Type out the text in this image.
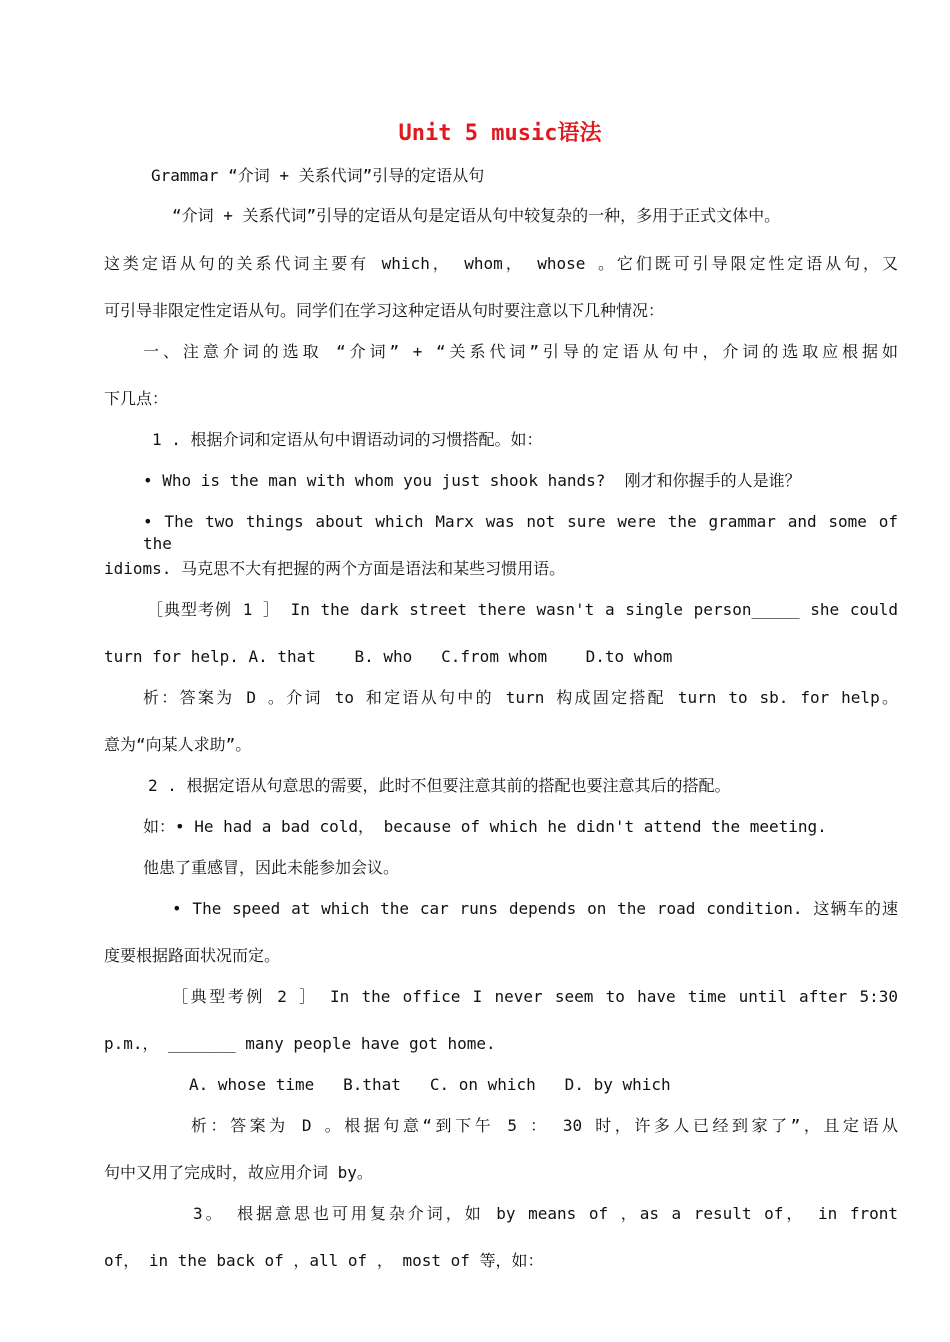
Unit 5 music语法
Grammar “介词 + 关系代词”引导的定语从句
“介词 + 关系代词”引导的定语从句是定语从句中较复杂的一种，多用于正式文体中。
这类定语从句的关系代词主要有 which， whom， whose 。它们既可引导限定性定语从句，又
可引导非限定性定语从句。同学们在学习这种定语从句时要注意以下几种情况：
一、注意介词的选取 “介词” + “关系代词”引导的定语从句中，介词的选取应根据如
下几点：
1 . 根据介词和定语从句中谓语动词的习惯搭配。如：
• Who is the man with whom you just shook hands?  刚才和你握手的人是谁？
• The two things about which Marx was not sure were the grammar and some of the
idioms. 马克思不大有把握的两个方面是语法和某些习惯用语。
［典型考例 1 ］ In the dark street there wasn't a single person_____ she could
turn for help. A. that    B. who   C.from whom    D.to whom
析：答案为 D 。介词 to 和定语从句中的 turn 构成固定搭配 turn to sb. for help。
意为“向某人求助”。
2 . 根据定语从句意思的需要，此时不但要注意其前的搭配也要注意其后的搭配。
如：• He had a bad cold， because of which he didn't attend the meeting.
他患了重感冒，因此未能参加会议。
• The speed at which the car runs depends on the road condition. 这辆车的速
度要根据路面状况而定。
［典型考例 2 ］ In the office I never seem to have time until after 5:30
p.m.， _______ many people have got home.
A. whose time   B.that   C. on which   D. by which
析：答案为 D 。根据句意“到下午 5 ： 30 时，许多人已经到家了”，且定语从
句中又用了完成时，故应用介词 by。
3。 根据意思也可用复杂介词，如 by means of ，as a result of， in front
of， in the back of ，all of ， most of 等，如：
